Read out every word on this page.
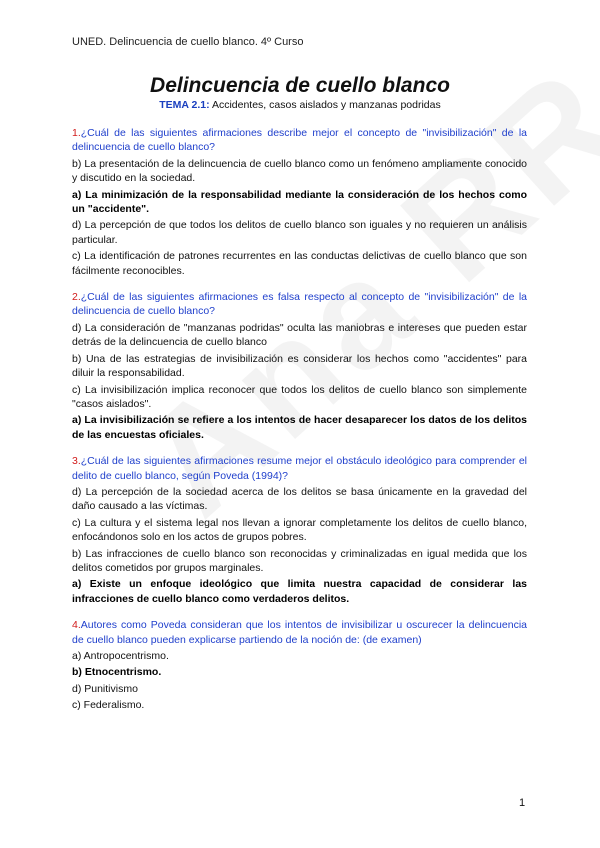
UNED. Delincuencia de cuello blanco. 4º Curso
Delincuencia de cuello blanco
TEMA 2.1: Accidentes, casos aislados y manzanas podridas
1.¿Cuál de las siguientes afirmaciones describe mejor el concepto de "invisibilización" de la delincuencia de cuello blanco?
b) La presentación de la delincuencia de cuello blanco como un fenómeno ampliamente conocido y discutido en la sociedad.
a) La minimización de la responsabilidad mediante la consideración de los hechos como un "accidente".
d) La percepción de que todos los delitos de cuello blanco son iguales y no requieren un análisis particular.
c) La identificación de patrones recurrentes en las conductas delictivas de cuello blanco que son fácilmente reconocibles.
2.¿Cuál de las siguientes afirmaciones es falsa respecto al concepto de "invisibilización" de la delincuencia de cuello blanco?
d) La consideración de "manzanas podridas" oculta las maniobras e intereses que pueden estar detrás de la delincuencia de cuello blanco
b) Una de las estrategias de invisibilización es considerar los hechos como "accidentes" para diluir la responsabilidad.
c) La invisibilización implica reconocer que todos los delitos de cuello blanco son simplemente "casos aislados".
a) La invisibilización se refiere a los intentos de hacer desaparecer los datos de los delitos de las encuestas oficiales.
3.¿Cuál de las siguientes afirmaciones resume mejor el obstáculo ideológico para comprender el delito de cuello blanco, según Poveda (1994)?
d) La percepción de la sociedad acerca de los delitos se basa únicamente en la gravedad del daño causado a las víctimas.
c) La cultura y el sistema legal nos llevan a ignorar completamente los delitos de cuello blanco, enfocándonos solo en los actos de grupos pobres.
b) Las infracciones de cuello blanco son reconocidas y criminalizadas en igual medida que los delitos cometidos por grupos marginales.
a) Existe un enfoque ideológico que limita nuestra capacidad de considerar las infracciones de cuello blanco como verdaderos delitos.
4.Autores como Poveda consideran que los intentos de invisibilizar u oscurecer la delincuencia de cuello blanco pueden explicarse partiendo de la noción de: (de examen)
a) Antropocentrismo.
b) Etnocentrismo.
d) Punitivismo
c) Federalismo.
1
